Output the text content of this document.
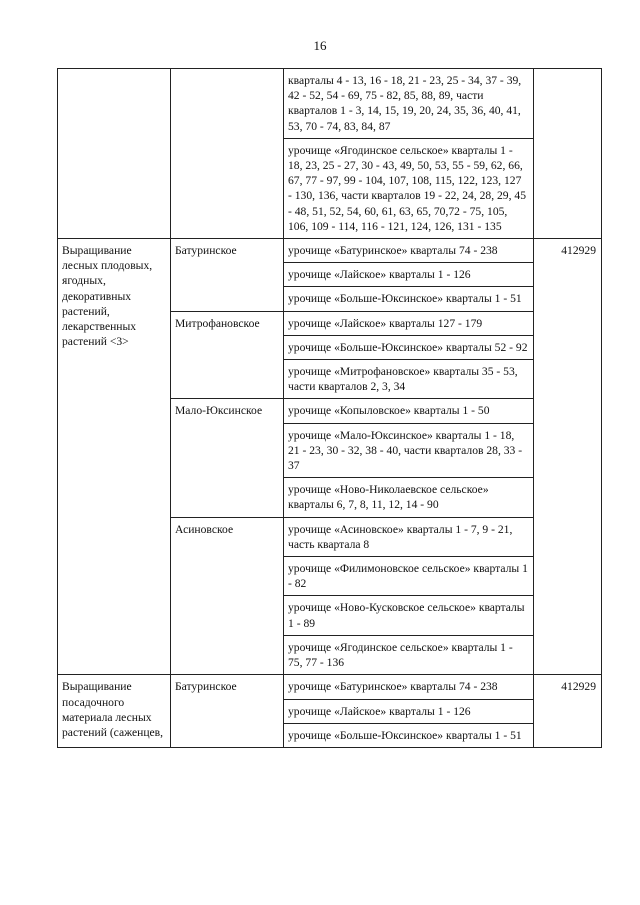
16
		кварталы 4 - 13, 16 - 18, 21 - 23, 25 - 34, 37 - 39, 42 - 52, 54 - 69, 75 - 82, 85, 88, 89, части кварталов 1 - 3, 14, 15, 19, 20, 24, 35, 36, 40, 41, 53, 70 - 74, 83, 84, 87	
		урочище «Ягодинское сельское» кварталы 1 - 18, 23, 25 - 27, 30 - 43, 49, 50, 53, 55 - 59, 62, 66, 67, 77 - 97, 99 - 104, 107, 108, 115, 122, 123, 127 - 130, 136, части кварталов 19 - 22, 24, 28, 29, 45 - 48, 51, 52, 54, 60, 61, 63, 65, 70,72 - 75, 105, 106, 109 - 114, 116 - 121, 124, 126, 131 - 135	
Выращивание лесных плодовых, ягодных, декоративных растений, лекарственных растений <3>	Батуринское	урочище «Батуринское» кварталы 74 - 238	412929
		урочище «Лайское» кварталы 1 - 126	
		урочище «Больше-Юксинское» кварталы 1 - 51	
	Митрофановское	урочище «Лайское» кварталы 127 - 179	
		урочище «Больше-Юксинское» кварталы 52 - 92	
		урочище «Митрофановское» кварталы 35 - 53, части кварталов 2, 3, 34	
	Мало-Юксинское	урочище «Копыловское» кварталы 1 - 50	
		урочище «Мало-Юксинское» кварталы 1 - 18, 21 - 23, 30 - 32, 38 - 40, части кварталов 28, 33 - 37	
		урочище «Ново-Николаевское сельское» кварталы 6, 7, 8, 11, 12, 14 - 90	
	Асиновское	урочище «Асиновское» кварталы 1 - 7, 9 - 21, часть квартала 8	
		урочище «Филимоновское сельское» кварталы 1 - 82	
		урочище «Ново-Кусковское сельское» кварталы 1 - 89	
		урочище «Ягодинское сельское» кварталы 1 - 75, 77 - 136	
Выращивание посадочного материала лесных растений (саженцев,	Батуринское	урочище «Батуринское» кварталы 74 - 238	412929
		урочище «Лайское» кварталы 1 - 126	
		урочище «Больше-Юксинское» кварталы 1 - 51	
